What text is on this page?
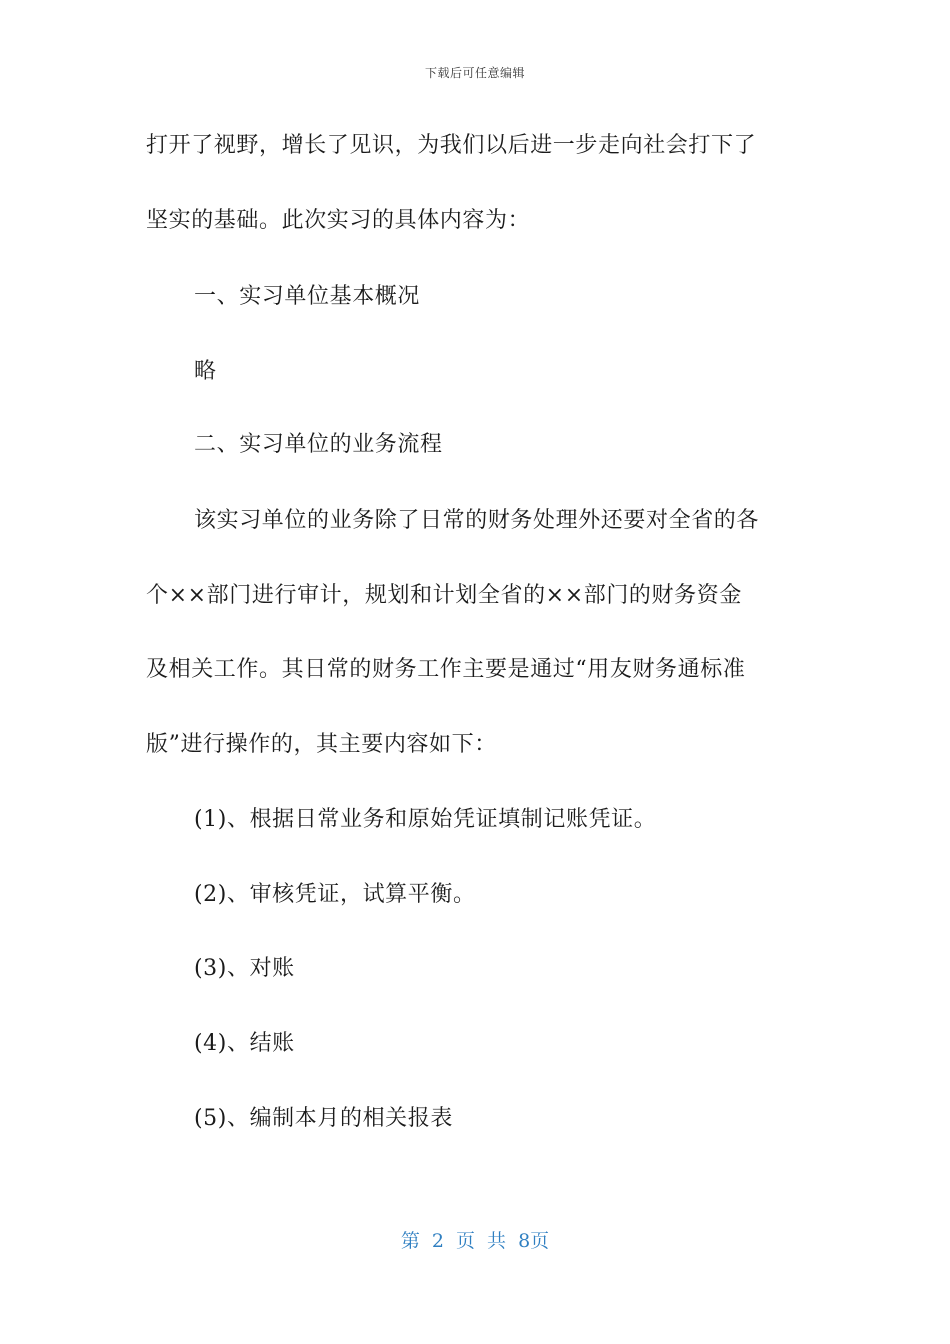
下载后可任意编辑
打开了视野，增长了见识，为我们以后进一步走向社会打下了
坚实的基础。此次实习的具体内容为：
一、实习单位基本概况
略
二、实习单位的业务流程
该实习单位的业务除了日常的财务处理外还要对全省的各
个××部门进行审计，规划和计划全省的××部门的财务资金
及相关工作。其日常的财务工作主要是通过“用友财务通标准
版”进行操作的，其主要内容如下：
(1)、根据日常业务和原始凭证填制记账凭证。
(2)、审核凭证，试算平衡。
(3)、对账
(4)、结账
(5)、编制本月的相关报表
第 2 页 共 8页
